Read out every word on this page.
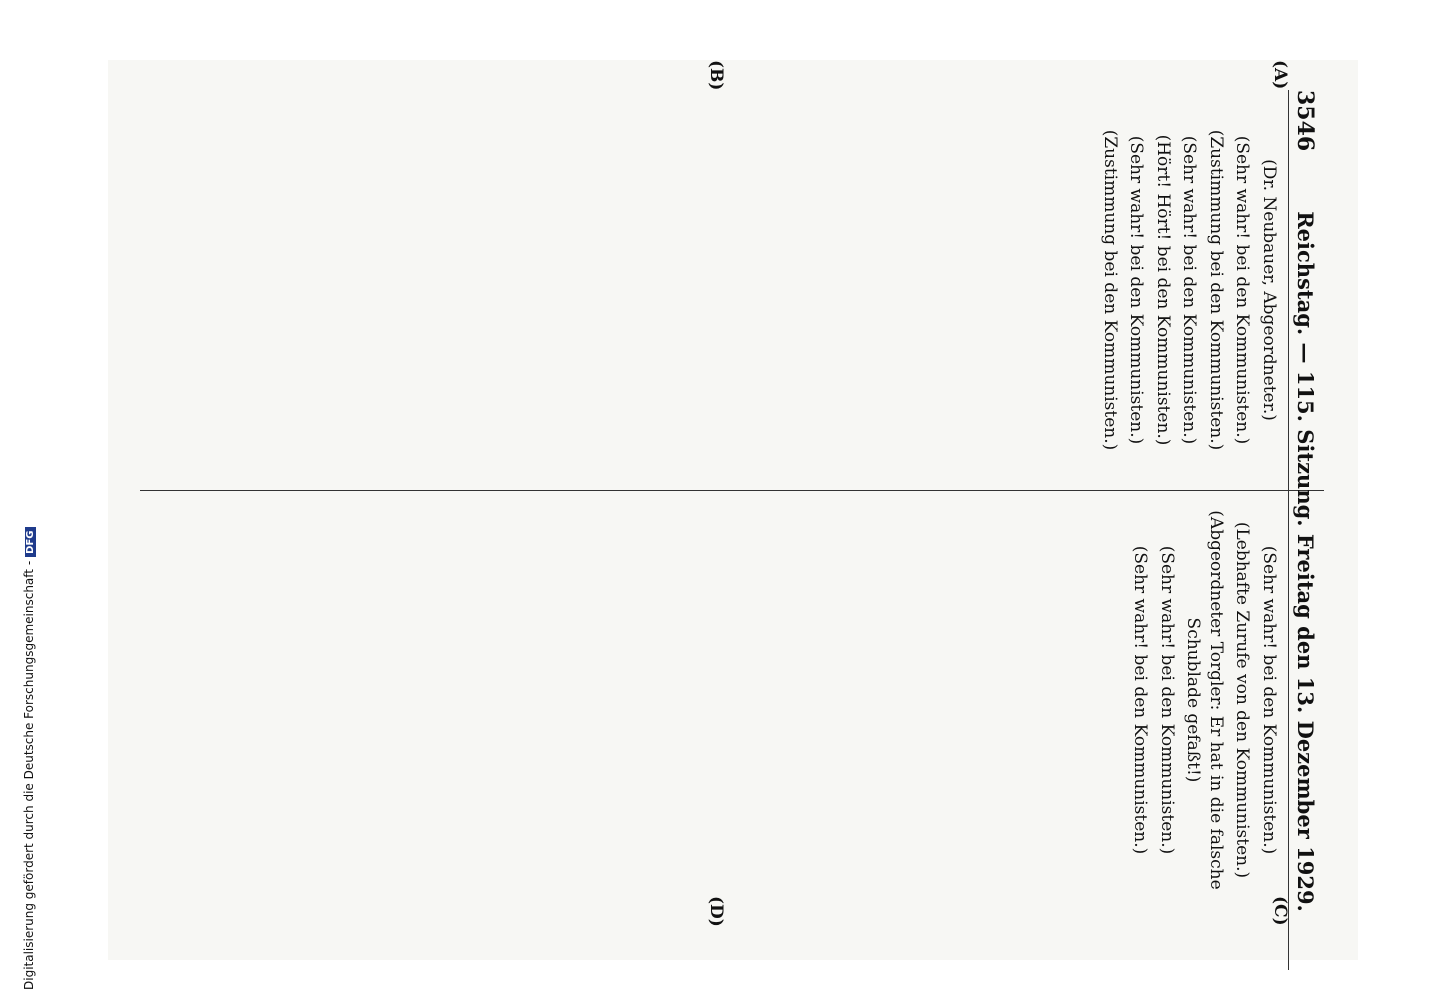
3546
Reichstag. — 115. Sitzung. Freitag den 13. Dezember 1929.
(A)
(C)
(B)
(D)

(Dr. Neubauer, Abgeordneter.)

(Sehr wahr! bei den Kommunisten.)

(Zustimmung bei den Kommunisten.)

(Sehr wahr! bei den Kommunisten.)

(Hört! Hört! bei den Kommunisten.)

(Sehr wahr! bei den Kommunisten.)

(Zustimmung bei den Kommunisten.)

(Sehr wahr! bei den Kommunisten.)

(Lebhafte Zurufe von den Kommunisten.)

(Abgeordneter Torgler: Er hat in die falsche Schublade gefaßt!)

(Sehr wahr! bei den Kommunisten.)

(Sehr wahr! bei den Kommunisten.)

Digitalisierung gefördert durch die Deutsche Forschungsgemeinschaft -DFG
